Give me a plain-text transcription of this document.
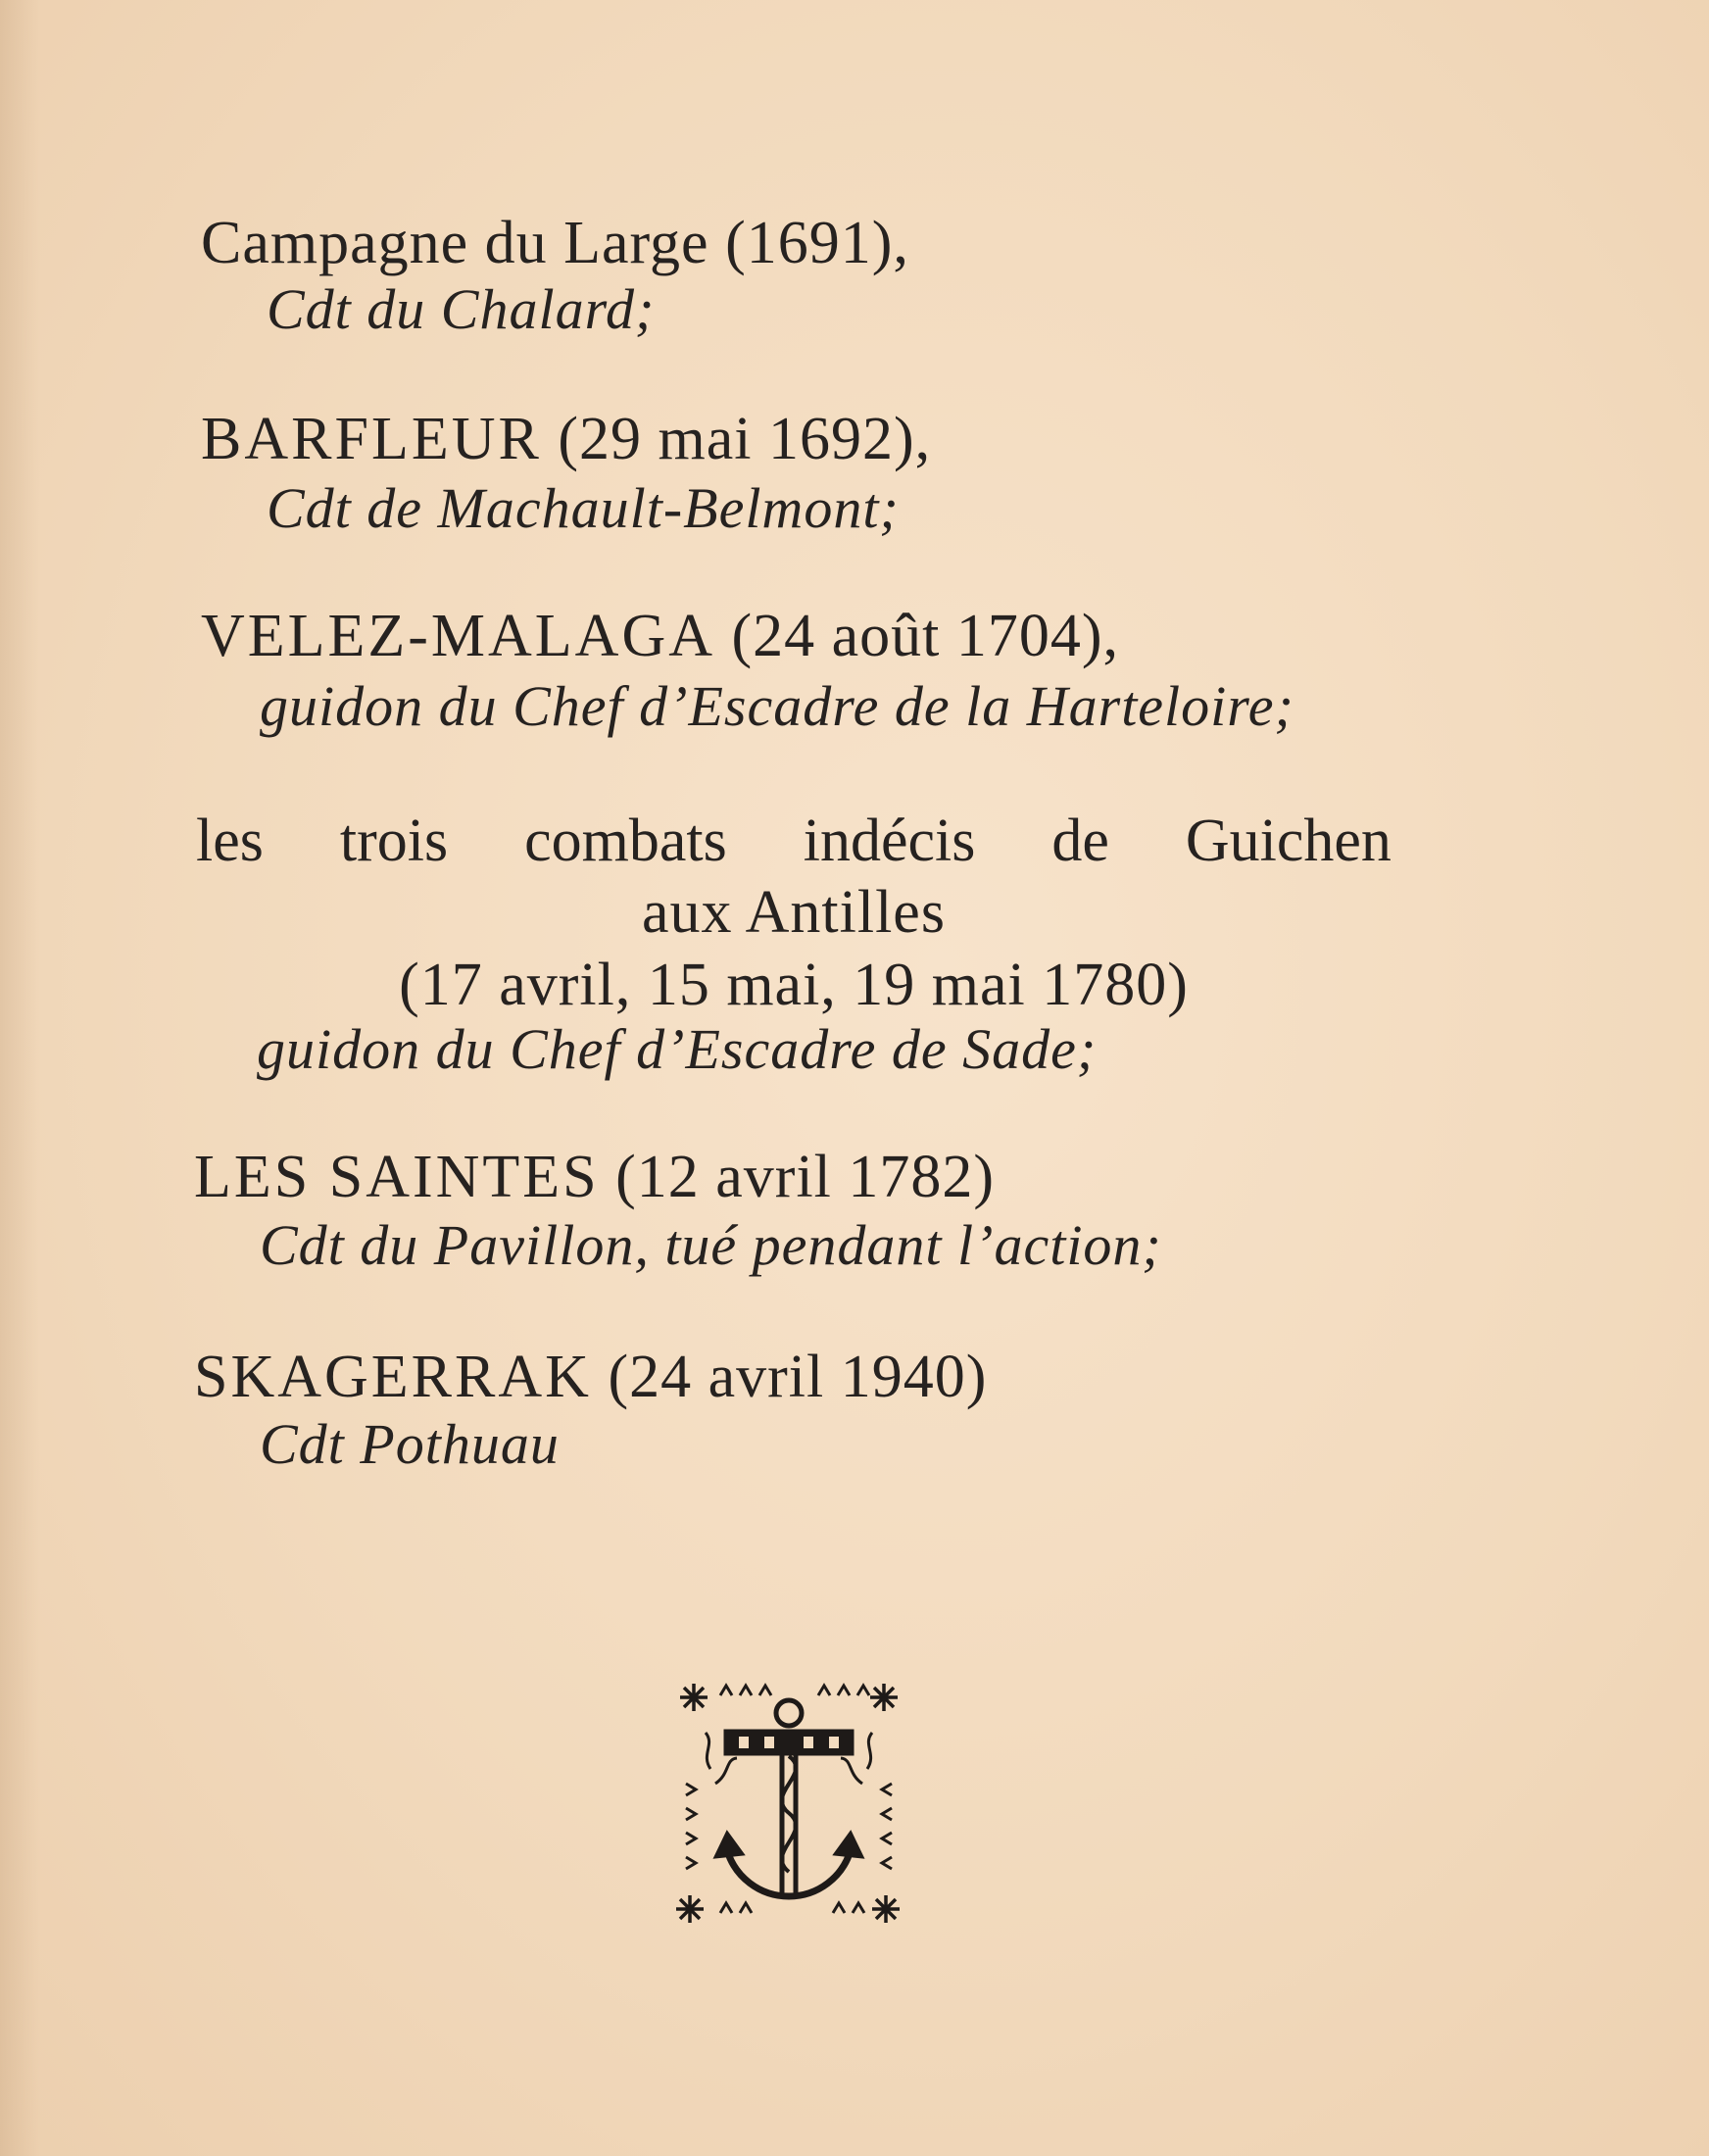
Campagne du Large (1691),
Cdt du Chalard;
BARFLEUR (29 mai 1692),
Cdt de Machault-Belmont;
VELEZ-MALAGA (24 août 1704),
guidon du Chef d’Escadre de la Harteloire;
les trois combats indécis de Guichen
aux Antilles
(17 avril, 15 mai, 19 mai 1780)
guidon du Chef d’Escadre de Sade;
LES SAINTES (12 avril 1782)
Cdt du Pavillon, tué pendant l’action;
SKAGERRAK (24 avril 1940)
Cdt Pothuau
